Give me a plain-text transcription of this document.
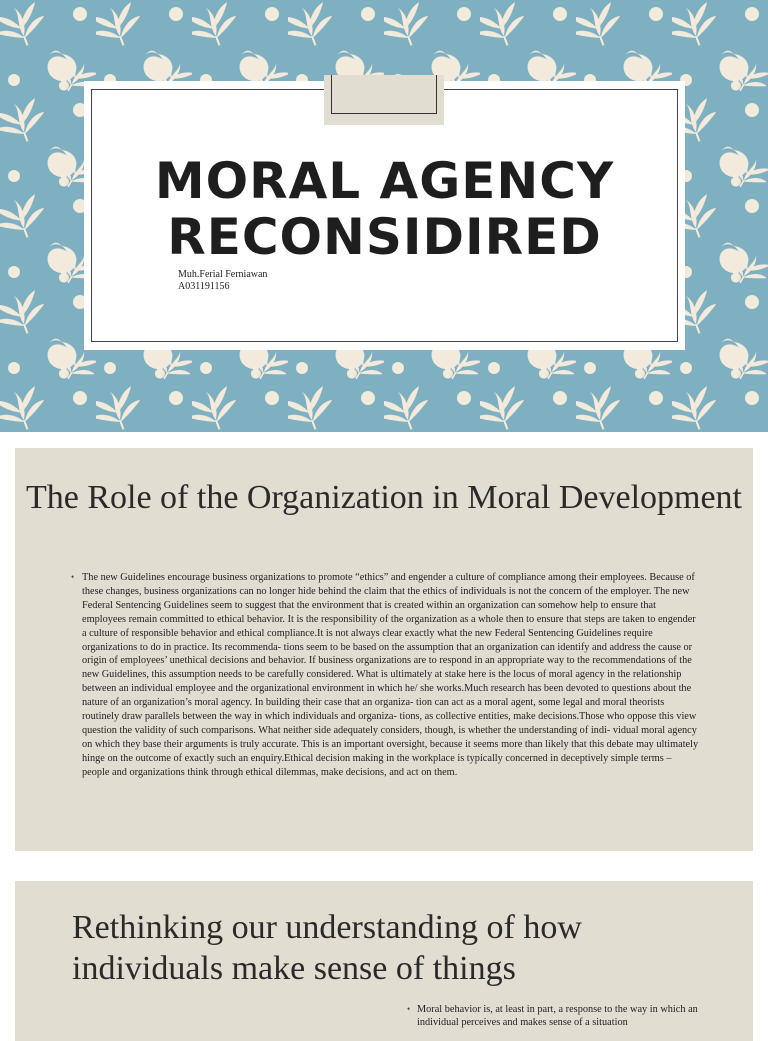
MORAL AGENCY RECONSIDIRED
Muh.Ferial Ferniawan
A031191156
The Role of the Organization in Moral Development
• The new Guidelines encourage business organizations to promote “ethics” and engender a culture of compliance among their employees. Because of these changes, business organizations can no longer hide behind the claim that the ethics of individuals is not the concern of the employer. The new Federal Sentencing Guidelines seem to suggest that the environment that is created within an organization can somehow help to ensure that employees remain committed to ethical behavior. It is the responsibility of the organization as a whole then to ensure that steps are taken to engender a culture of responsible behavior and ethical compliance.It is not always clear exactly what the new Federal Sentencing Guidelines require organizations to do in practice. Its recommenda- tions seem to be based on the assumption that an organization can identify and address the cause or origin of employees’ unethical decisions and behavior. If business organizations are to respond in an appropriate way to the recommendations of the new Guidelines, this assumption needs to be carefully considered. What is ultimately at stake here is the locus of moral agency in the relationship between an individual employee and the organizational environment in which he/ she works.Much research has been devoted to questions about the nature of an organization’s moral agency. In building their case that an organiza- tion can act as a moral agent, some legal and moral theorists routinely draw parallels between the way in which individuals and organiza- tions, as collective entities, make decisions.Those who oppose this view question the validity of such comparisons. What neither side adequately considers, though, is whether the understanding of indi- vidual moral agency on which they base their arguments is truly accurate. This is an important oversight, because it seems more than likely that this debate may ultimately hinge on the outcome of exactly such an enquiry.Ethical decision making in the workplace is typically concerned in deceptively simple terms – people and organizations think through ethical dilemmas, make decisions, and act on them.
Rethinking our understanding of how individuals make sense of things
• Moral behavior is, at least in part, a response to the way in which an individual perceives and makes sense of a situation
